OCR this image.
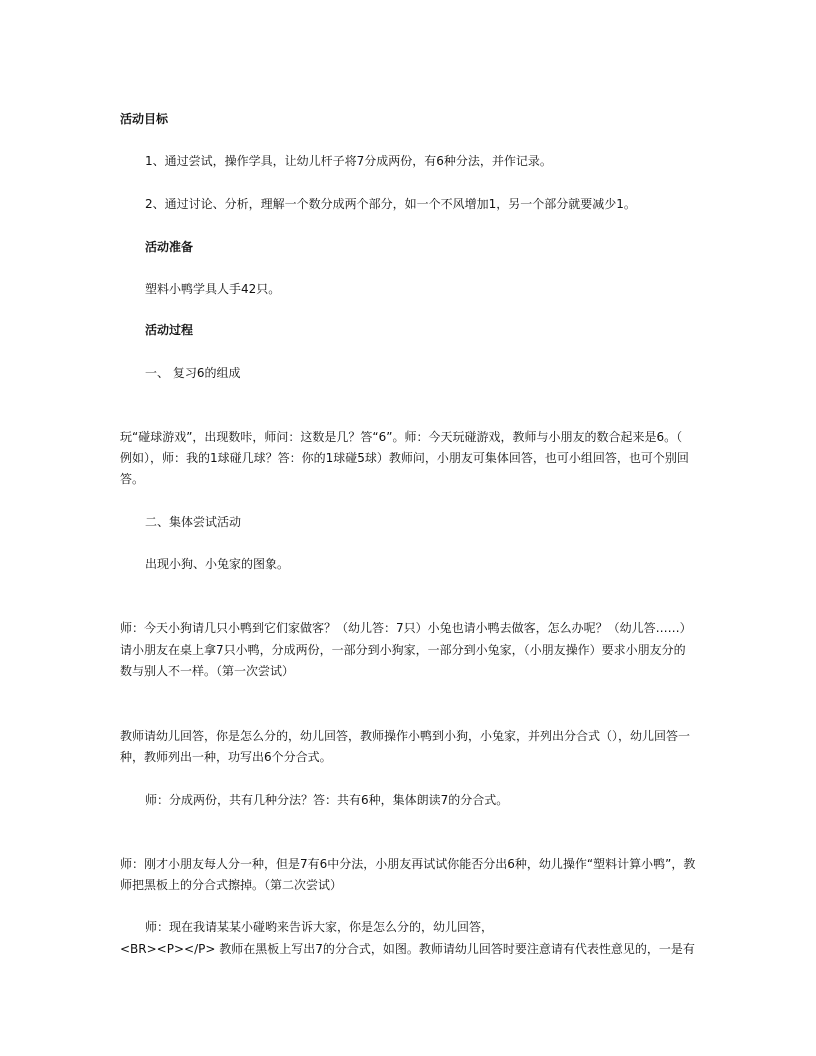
活动目标

1、通过尝试，操作学具，让幼儿杆子将7分成两份，有6种分法，并作记录。

2、通过讨论、分析，理解一个数分成两个部分，如一个不风增加1，另一个部分就要减少1。

活动准备

塑料小鸭学具人手42只。

活动过程

一、 复习6的组成

玩“碰球游戏”，出现数咔，师问：这数是几？答“6”。师：今天玩碰游戏，教师与小朋友的数合起来是6。（

例如），师：我的1球碰几球？答：你的1球碰5球）教师问，小朋友可集体回答，也可小组回答，也可个别回

答。

二、集体尝试活动

出现小狗、小兔家的图象。

师：今天小狗请几只小鸭到它们家做客？（幼儿答：7只）小兔也请小鸭去做客，怎么办呢？（幼儿答……）

请小朋友在桌上拿7只小鸭，分成两份，一部分到小狗家，一部分到小兔家，（小朋友操作）要求小朋友分的

数与别人不一样。（第一次尝试）

教师请幼儿回答，你是怎么分的，幼儿回答，教师操作小鸭到小狗，小兔家，并列出分合式（），幼儿回答一

种，教师列出一种，功写出6个分合式。

师：分成两份，共有几种分法？答：共有6种，集体朗读7的分合式。

师：刚才小朋友每人分一种，但是7有6中分法，小朋友再试试你能否分出6种，幼儿操作“塑料计算小鸭”，教

师把黑板上的分合式擦掉。（第二次尝试）

师：现在我请某某小碰哟来告诉大家，你是怎么分的，幼儿回答，

<BR><P></P> 教师在黑板上写出7的分合式，如图。教师请幼儿回答时要注意请有代表性意见的，一是有
